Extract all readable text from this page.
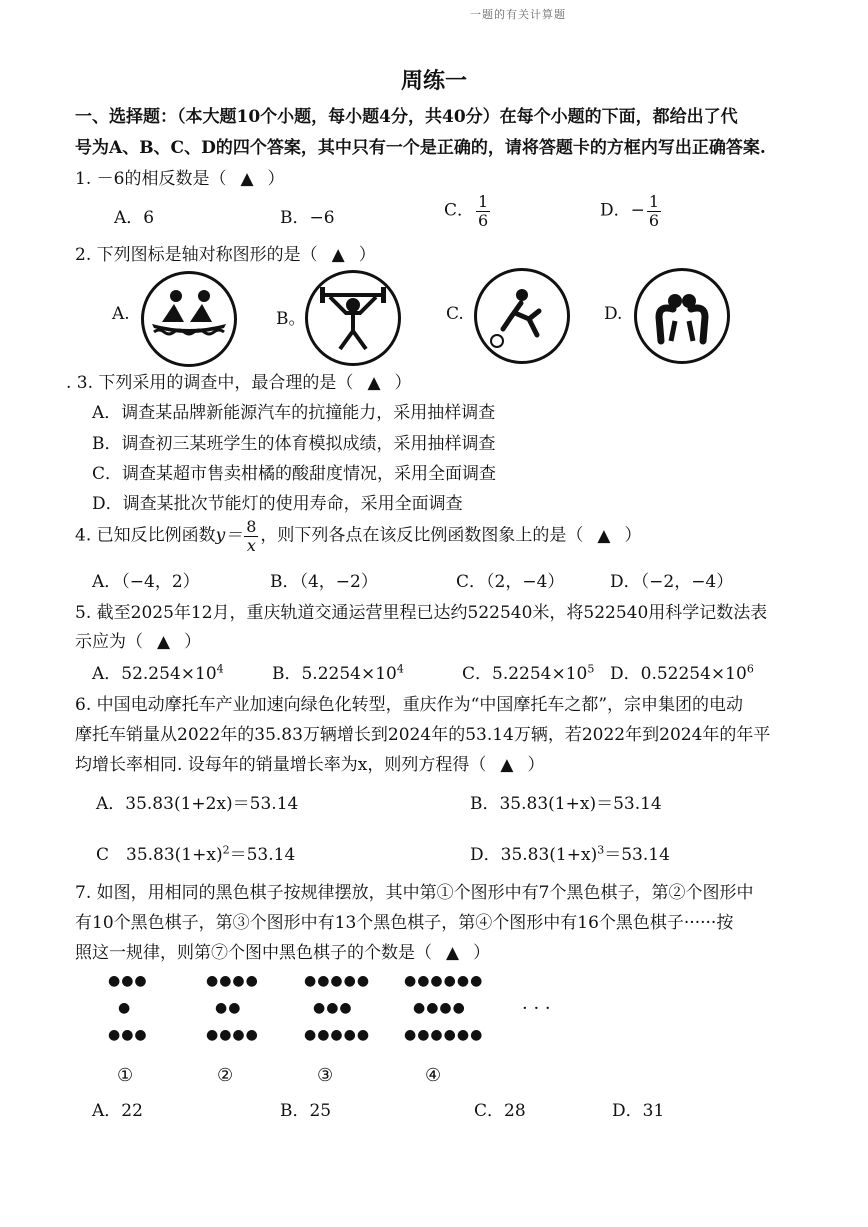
一题的有关计算题
周练一
一、选择题：（本大题10个小题，每小题4分，共40分）在每个小题的下面，都给出了代
号为A、B、C、D的四个答案，其中只有一个是正确的，请将答题卡的方框内写出正确答案.
1. －6的相反数是（ ▲ ）
A．6	B．−6	C． $\frac{1}{6}$	D．− $\frac{1}{6}$
2. 下列图标是轴对称图形的是（ ▲ ）
A.	B。	C.	D.
. 3. 下列采用的调查中，最合理的是（ ▲ ）
A．调查某品牌新能源汽车的抗撞能力，采用抽样调查
B．调查初三某班学生的体育模拟成绩，采用抽样调查
C．调查某超市售卖柑橘的酸甜度情况，采用全面调查
D．调查某批次节能灯的使用寿命，采用全面调查
4. 已知反比例函数$y= \frac{8}{x}$ ，则下列各点在该反比例函数图象上的是（ ▲ ）
A．（−4，2）	B．（4，−2）	C．（2，−4）	D．（−2，−4）
5. 截至2025年12月，重庆轨道交通运营里程已达约522540米，将522540用科学记数法表
示应为（ ▲ ）
A．$52.254\times 10^4$	B．$5.2254\times 10^4$	C．$5.2254\times 10^5$ D．$0.52254\times 10^6$
6. 中国电动摩托车产业加速向绿色化转型，重庆作为“中国摩托车之都”，宗申集团的电动
摩托车销量从2022年的35.83万辆增长到2024年的53.14万辆，若2022年到2024年的年平
均增长率相同. 设每年的销量增长率为x，则列方程得（ ▲ ）
A．35.83(1+2x)＝53.14	B．35.83(1+x)＝53.14
C　$35.83(1+x)^2=53.14$	D．$35.83(1+x)^3=53.14$
7. 如图，用相同的黑色棋子按规律摆放，其中第①个图形中有7个黑色棋子，第②个图形中
有10个黑色棋子，第③个图形中有13个黑色棋子，第④个图形中有16个黑色棋子······按
照这一规律，则第⑦个图中黑色棋子的个数是（ ▲ ）
●●●
●
●●●
●●●●
●●
●●●●
●●●●●
●●●
●●●●●
●●●●●●
●●●●
●●●●●●
· · ·
①	②	③	④
A．22	B．25	C．28	D．31
